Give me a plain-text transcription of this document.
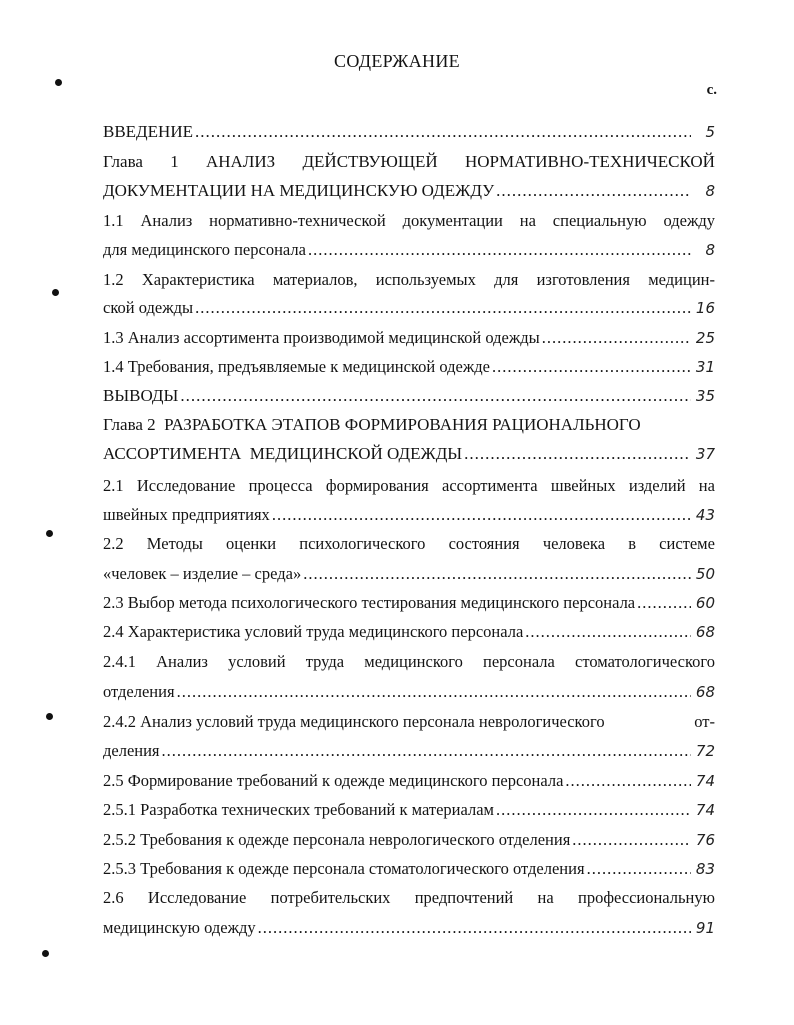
СОДЕРЖАНИЕ
с.
ВВЕДЕНИЕ .....	5
Глава 1 АНАЛИЗ ДЕЙСТВУЮЩЕЙ НОРМАТИВНО-ТЕХНИЧЕСКОЙ
ДОКУМЕНТАЦИИ НА МЕДИЦИНСКУЮ ОДЕЖДУ .....	8
1.1 Анализ нормативно-технической документации на специальную одежду
для медицинского персонала .....	8
1.2 Характеристика материалов, используемых для изготовления медицин-
ской одежды .....	16
1.3 Анализ ассортимента производимой медицинской одежды .....	25
1.4 Требования, предъявляемые к медицинской одежде .....	31
ВЫВОДЫ .....	35
Глава 2  РАЗРАБОТКА ЭТАПОВ ФОРМИРОВАНИЯ РАЦИОНАЛЬНОГО
АССОРТИМЕНТА  МЕДИЦИНСКОЙ ОДЕЖДЫ .....	37
2.1 Исследование процесса формирования ассортимента швейных изделий на
швейных предприятиях .....	43
2.2 Методы оценки психологического состояния человека в системе
«человек – изделие – среда» .....	50
2.3 Выбор метода психологического тестирования медицинского персонала .....	60
2.4 Характеристика условий труда медицинского персонала .....	68
2.4.1 Анализ условий труда медицинского персонала стоматологического
отделения .....	68
2.4.2 Анализ условий труда медицинского персонала неврологического	от-
деления .....	72
2.5 Формирование требований к одежде медицинского персонала .....	74
2.5.1 Разработка технических требований к материалам .....	74
2.5.2 Требования к одежде персонала неврологического отделения .....	76
2.5.3 Требования к одежде персонала стоматологического отделения .....	83
2.6 Исследование потребительских предпочтений на профессиональную
медицинскую одежду .....	91
